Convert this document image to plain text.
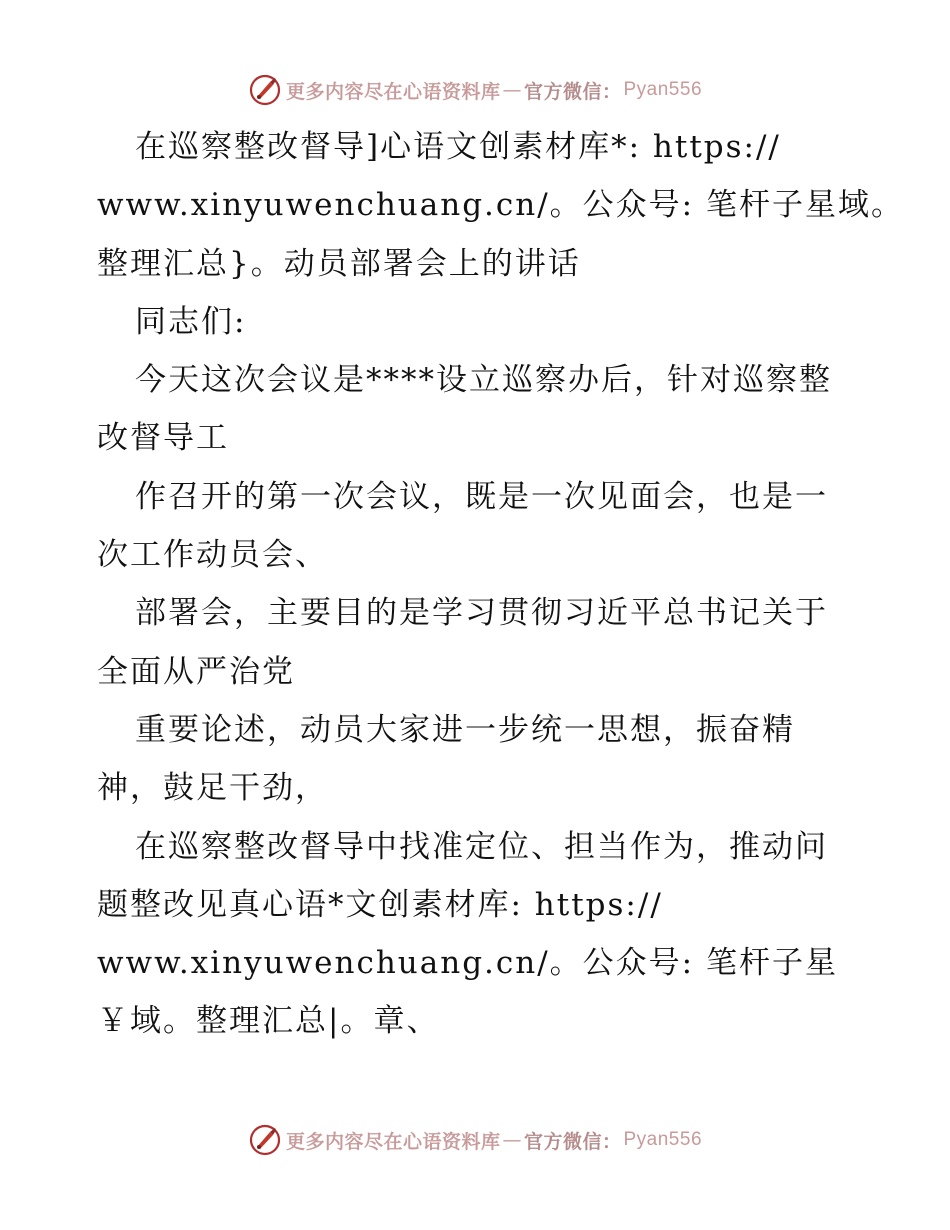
更多内容尽在心语资料库 — 官方微信： Pyan556
在巡察整改督导]心语文创素材库*: https://
www.xinyuwenchuang.cn/。公众号: 笔杆子星域。
整理汇总}。动员部署会上的讲话
同志们:
今天这次会议是****设立巡察办后，针对巡察整
改督导工
作召开的第一次会议，既是一次见面会，也是一
次工作动员会、
部署会，主要目的是学习贯彻习近平总书记关于
全面从严治党
重要论述，动员大家进一步统一思想，振奋精
神，鼓足干劲，
在巡察整改督导中找准定位、担当作为，推动问
题整改见真心语*文创素材库: https://
www.xinyuwenchuang.cn/。公众号: 笔杆子星
￥域。整理汇总|。章、
更多内容尽在心语资料库 — 官方微信： Pyan556
